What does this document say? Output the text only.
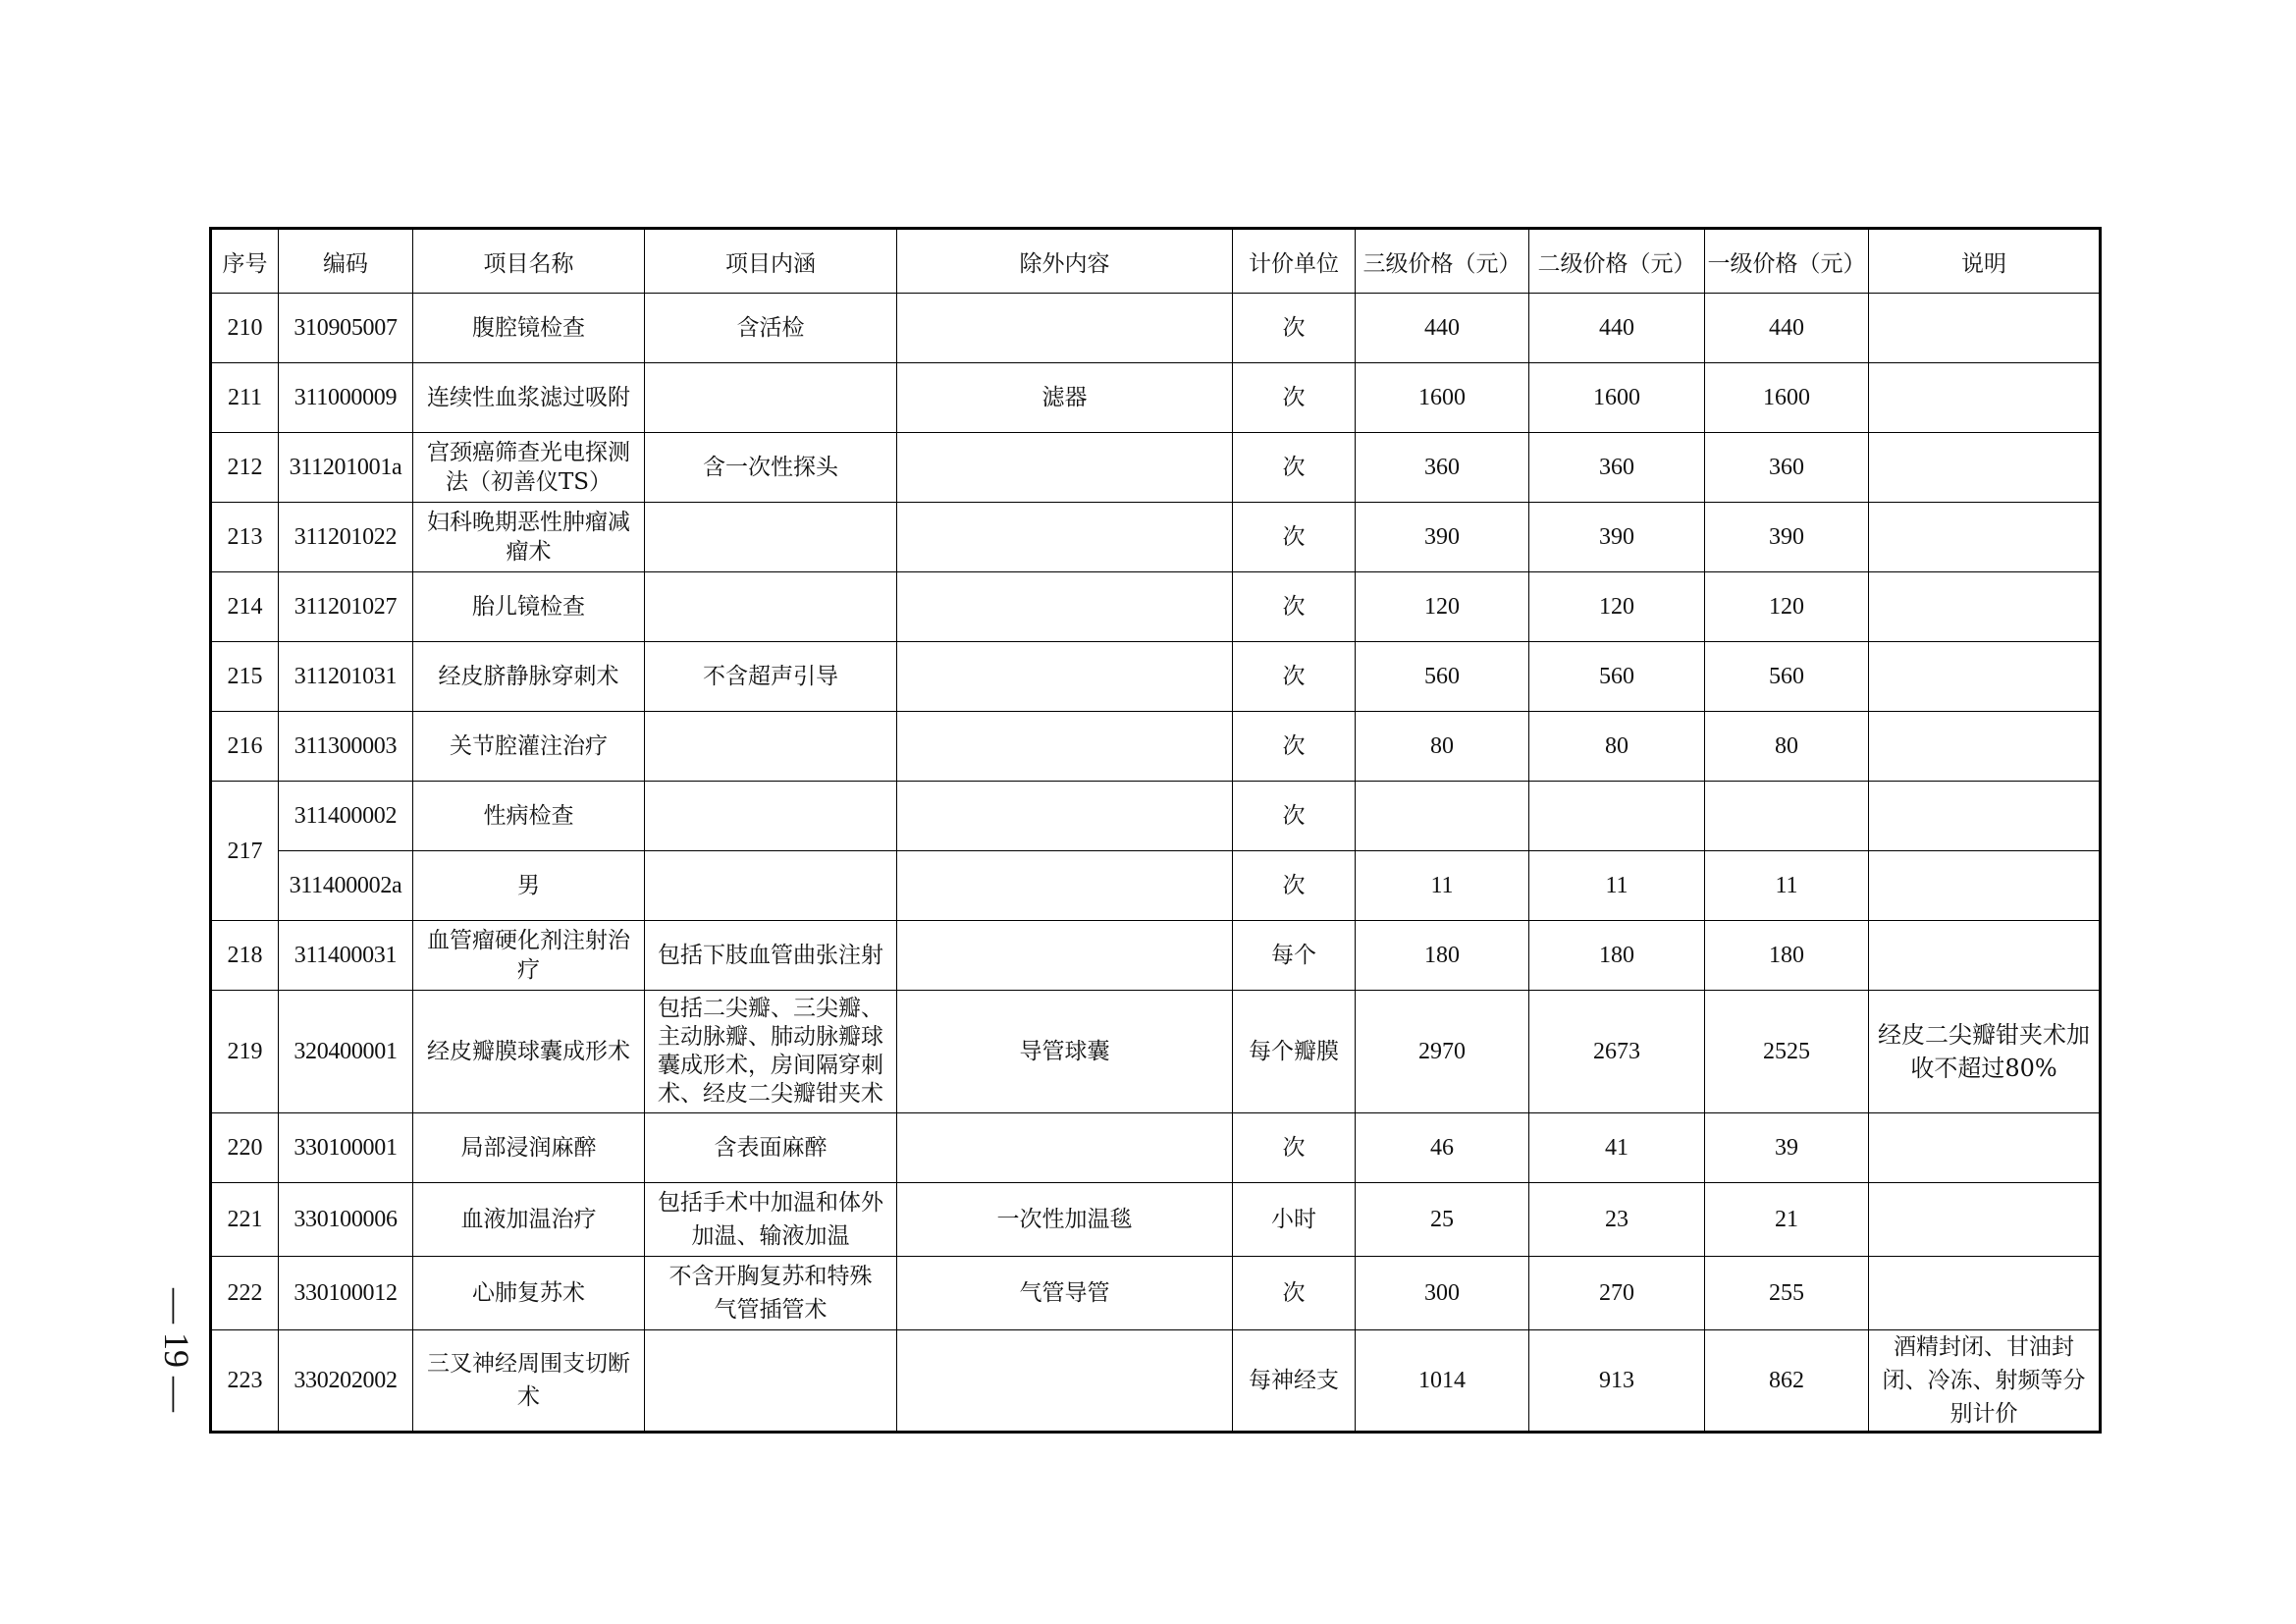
序号	编码	项目名称	项目内涵	除外内容	计价单位	三级价格（元）	二级价格（元）	一级价格（元）	说明
210	310905007	腹腔镜检查	含活检		次	440	440	440	
211	311000009	连续性血浆滤过吸附		滤器	次	1600	1600	1600	
212	311201001a	宫颈癌筛查光电探测法（初善仪TS）	含一次性探头		次	360	360	360	
213	311201022	妇科晚期恶性肿瘤减瘤术			次	390	390	390	
214	311201027	胎儿镜检查			次	120	120	120	
215	311201031	经皮脐静脉穿刺术	不含超声引导		次	560	560	560	
216	311300003	关节腔灌注治疗			次	80	80	80	
217	311400002	性病检查			次				
	311400002a	男			次	11	11	11	
218	311400031	血管瘤硬化剂注射治疗	包括下肢血管曲张注射		每个	180	180	180	
219	320400001	经皮瓣膜球囊成形术	包括二尖瓣、三尖瓣、主动脉瓣、肺动脉瓣球囊成形术，房间隔穿刺术、经皮二尖瓣钳夹术	导管球囊	每个瓣膜	2970	2673	2525	经皮二尖瓣钳夹术加收不超过80%
220	330100001	局部浸润麻醉	含表面麻醉		次	46	41	39	
221	330100006	血液加温治疗	包括手术中加温和体外加温、输液加温	一次性加温毯	小时	25	23	21	
222	330100012	心肺复苏术	不含开胸复苏和特殊　气管插管术	气管导管	次	300	270	255	
223	330202002	三叉神经周围支切断术			每神经支	1014	913	862	酒精封闭、甘油封闭、冷冻、射频等分别计价
— 19 —
